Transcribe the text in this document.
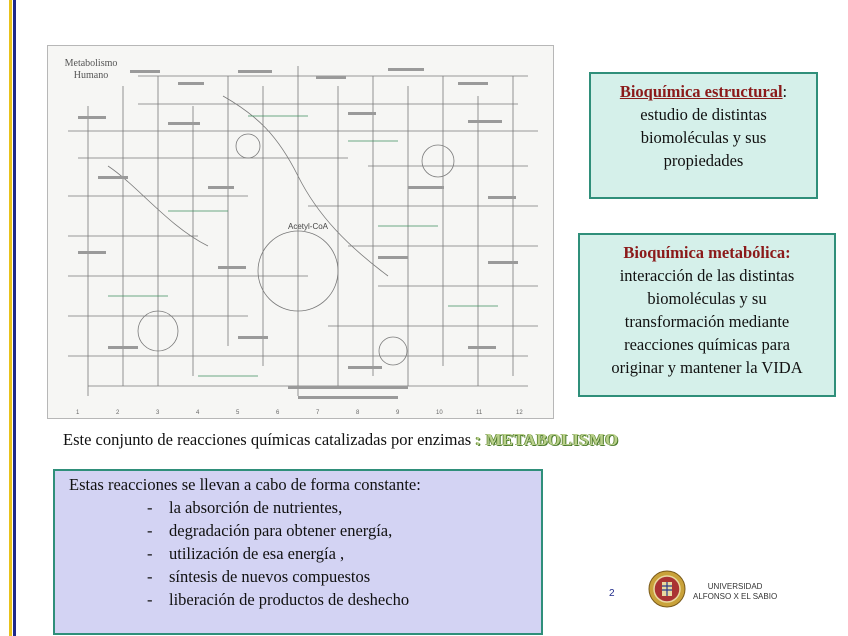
Metabolismo
Humano
Acetyl-CoA
1	2	3	4	5	6	7	8	9	10	11	12
Bioquímica estructural:
estudio de distintas
biomoléculas y sus
propiedades
Bioquímica metabólica:
interacción de las distintas
biomoléculas y su
transformación mediante
reacciones químicas para
originar y mantener la VIDA
Este conjunto de reacciones químicas catalizadas por enzimas : METABOLISMO
Estas reacciones se llevan a cabo de forma constante:
- la absorción de nutrientes,
- degradación para obtener energía,
- utilización de esa energía ,
- síntesis de nuevos compuestos
- liberación de productos de deshecho	2
UNIVERSIDAD
ALFONSO X EL SABIO
